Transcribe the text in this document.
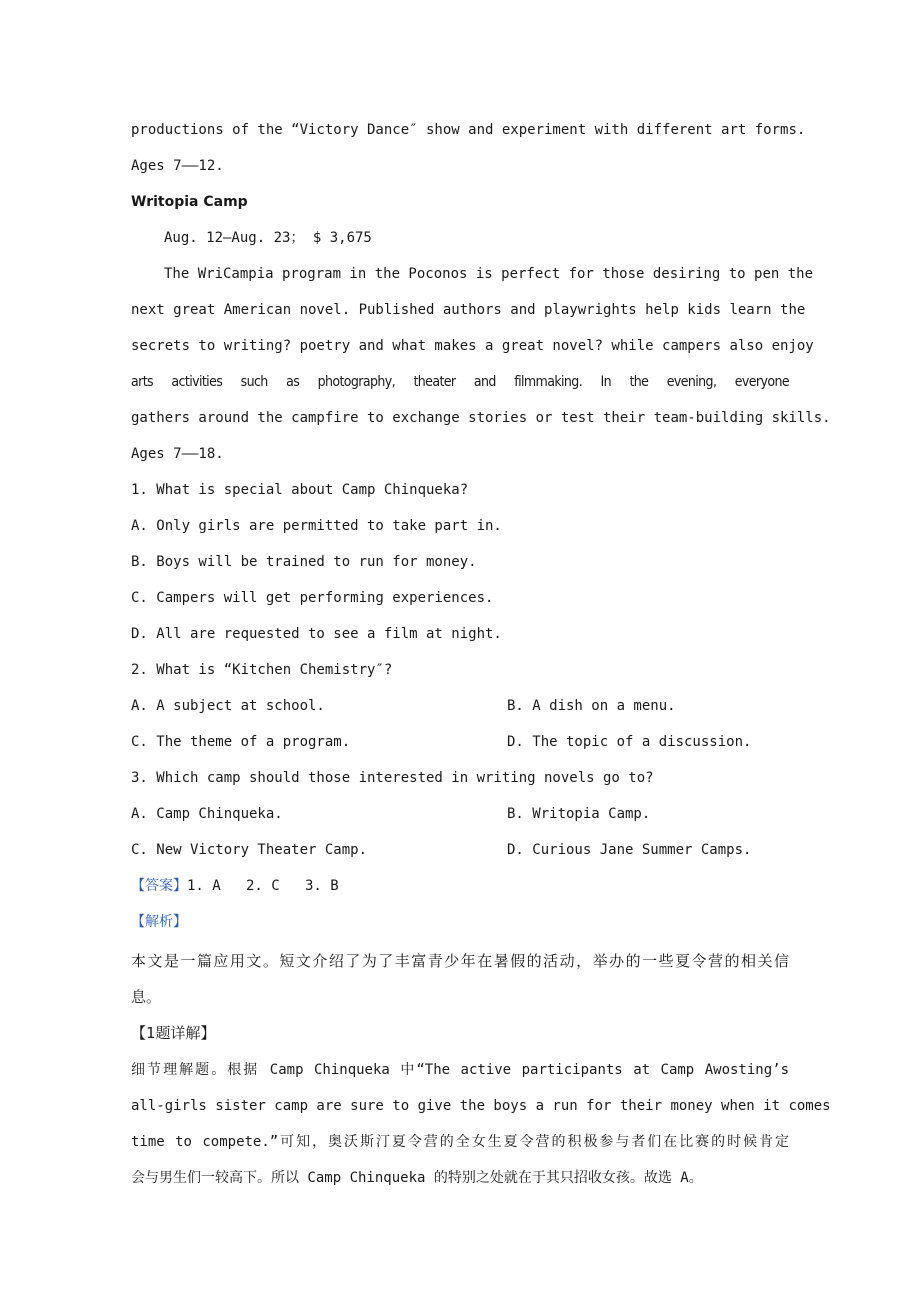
productions of the “Victory Dance″ show and experiment with different art forms.
Ages 7——12.
Writopia Camp
Aug. 12—Aug. 23； $ 3,675
The WriCampia program in the Poconos is perfect for those desiring to pen the
next great American novel. Published authors and playwrights help kids learn the
secrets to writing? poetry and what makes a great novel? while campers also enjoy
arts activities such as photography, theater and filmmaking. In the evening, everyone
gathers around the campfire to exchange stories or test their team-building skills.
Ages 7——18.
1. What is special about Camp Chinqueka?
A. Only girls are permitted to take part in.
B. Boys will be trained to run for money.
C. Campers will get performing experiences.
D. All are requested to see a film at night.
2. What is “Kitchen Chemistry″?
A. A subject at school.	B. A dish on a menu.
C. The theme of a program.	D. The topic of a discussion.
3. Which camp should those interested in writing novels go to?
A. Camp Chinqueka.	B. Writopia Camp.
C. New Victory Theater Camp.	D. Curious Jane Summer Camps.
【答案】1. A   2. C   3. B
【解析】
本文是一篇应用文。短文介绍了为了丰富青少年在暑假的活动，举办的一些夏令营的相关信
息。
【1题详解】
细节理解题。根据 Camp Chinqueka 中“The active participants at Camp Awosting’s
all-girls sister camp are sure to give the boys a run for their money when it comes
time to compete.”可知，奥沃斯汀夏令营的全女生夏令营的积极参与者们在比赛的时候肯定
会与男生们一较高下。所以 Camp Chinqueka 的特别之处就在于其只招收女孩。故选 A。
